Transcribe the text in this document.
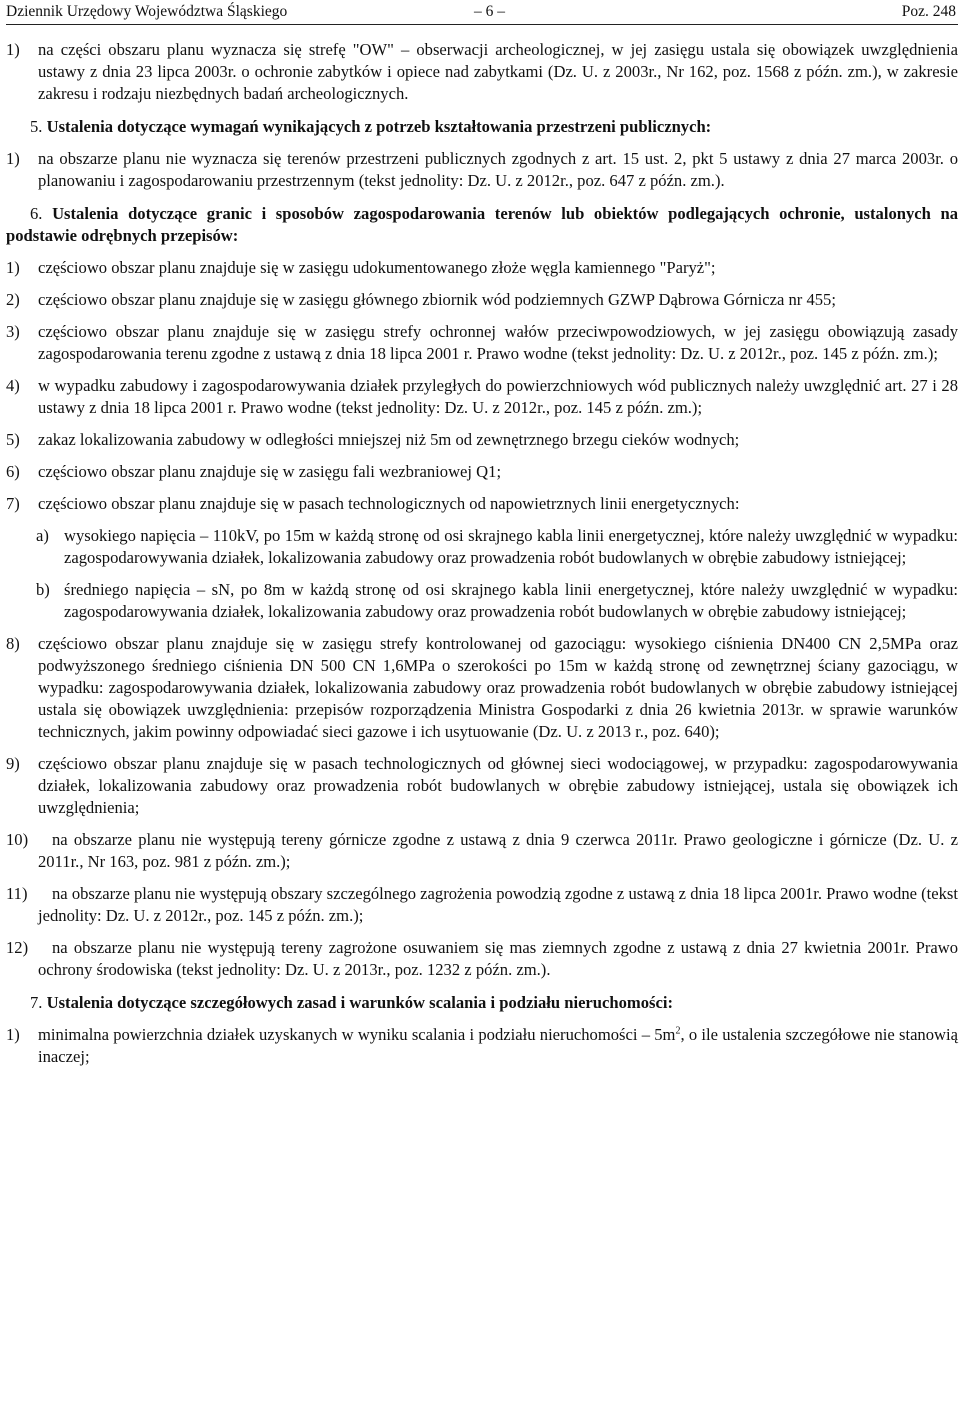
Dziennik Urzędowy Województwa Śląskiego	– 6 –	Poz. 248
1) na części obszaru planu wyznacza się strefę "OW" – obserwacji archeologicznej, w jej zasięgu ustala się obowiązek uwzględnienia ustawy z dnia 23 lipca 2003r. o ochronie zabytków i opiece nad zabytkami (Dz. U. z 2003r., Nr 162, poz. 1568 z późn. zm.), w zakresie zakresu i rodzaju niezbędnych badań archeologicznych.

5. Ustalenia dotyczące wymagań wynikających z potrzeb kształtowania przestrzeni publicznych:

1) na obszarze planu nie wyznacza się terenów przestrzeni publicznych zgodnych z art. 15 ust. 2, pkt 5 ustawy z dnia 27 marca 2003r. o planowaniu i zagospodarowaniu przestrzennym (tekst jednolity: Dz. U. z 2012r., poz. 647 z późn. zm.).

6. Ustalenia dotyczące granic i sposobów zagospodarowania terenów lub obiektów podlegających ochronie, ustalonych na podstawie odrębnych przepisów:

1) częściowo obszar planu znajduje się w zasięgu udokumentowanego złoże węgla kamiennego "Paryż";

2) częściowo obszar planu znajduje się w zasięgu głównego zbiornik wód podziemnych GZWP Dąbrowa Górnicza nr 455;

3) częściowo obszar planu znajduje się w zasięgu strefy ochronnej wałów przeciwpowodziowych, w jej zasięgu obowiązują zasady zagospodarowania terenu zgodne z ustawą z dnia 18 lipca 2001 r. Prawo wodne (tekst jednolity: Dz. U. z 2012r., poz. 145 z późn. zm.);

4) w wypadku zabudowy i zagospodarowywania działek przyległych do powierzchniowych wód publicznych należy uwzględnić art. 27 i 28 ustawy z dnia 18 lipca 2001 r. Prawo wodne (tekst jednolity: Dz. U. z 2012r., poz. 145 z późn. zm.);

5) zakaz lokalizowania zabudowy w odległości mniejszej niż 5m od zewnętrznego brzegu cieków wodnych;

6) częściowo obszar planu znajduje się w zasięgu fali wezbraniowej Q1;

7) częściowo obszar planu znajduje się w pasach technologicznych od napowietrznych linii energetycznych:

a) wysokiego napięcia – 110kV, po 15m w każdą stronę od osi skrajnego kabla linii energetycznej, które należy uwzględnić w wypadku: zagospodarowywania działek, lokalizowania zabudowy oraz prowadzenia robót budowlanych w obrębie zabudowy istniejącej;

b) średniego napięcia – sN, po 8m w każdą stronę od osi skrajnego kabla linii energetycznej, które należy uwzględnić w wypadku: zagospodarowywania działek, lokalizowania zabudowy oraz prowadzenia robót budowlanych w obrębie zabudowy istniejącej;

8) częściowo obszar planu znajduje się w zasięgu strefy kontrolowanej od gazociągu: wysokiego ciśnienia DN400 CN 2,5MPa oraz podwyższonego średniego ciśnienia DN 500 CN 1,6MPa o szerokości po 15m w każdą stronę od zewnętrznej ściany gazociągu, w wypadku: zagospodarowywania działek, lokalizowania zabudowy oraz prowadzenia robót budowlanych w obrębie zabudowy istniejącej ustala się obowiązek uwzględnienia: przepisów rozporządzenia Ministra Gospodarki z dnia 26 kwietnia 2013r. w sprawie warunków technicznych, jakim powinny odpowiadać sieci gazowe i ich usytuowanie (Dz. U. z 2013 r., poz. 640);

9) częściowo obszar planu znajduje się w pasach technologicznych od głównej sieci wodociągowej, w przypadku: zagospodarowywania działek, lokalizowania zabudowy oraz prowadzenia robót budowlanych w obrębie zabudowy istniejącej, ustala się obowiązek ich uwzględnienia;

10)	na obszarze planu nie występują tereny górnicze zgodne z ustawą z dnia 9 czerwca 2011r. Prawo geologiczne i górnicze (Dz. U. z 2011r., Nr 163, poz. 981 z późn. zm.);

11)	na obszarze planu nie występują obszary szczególnego zagrożenia powodzią zgodne z ustawą z dnia 18 lipca 2001r. Prawo wodne (tekst jednolity: Dz. U. z 2012r., poz. 145 z późn. zm.);

12)	na obszarze planu nie występują tereny zagrożone osuwaniem się mas ziemnych zgodne z ustawą z dnia 27 kwietnia 2001r. Prawo ochrony środowiska (tekst jednolity: Dz. U. z 2013r., poz. 1232 z późn. zm.).

7. Ustalenia dotyczące szczegółowych zasad i warunków scalania i podziału nieruchomości:

1) minimalna powierzchnia działek uzyskanych w wyniku scalania i podziału nieruchomości – $5m^2$, o ile ustalenia szczegółowe nie stanowią inaczej;
